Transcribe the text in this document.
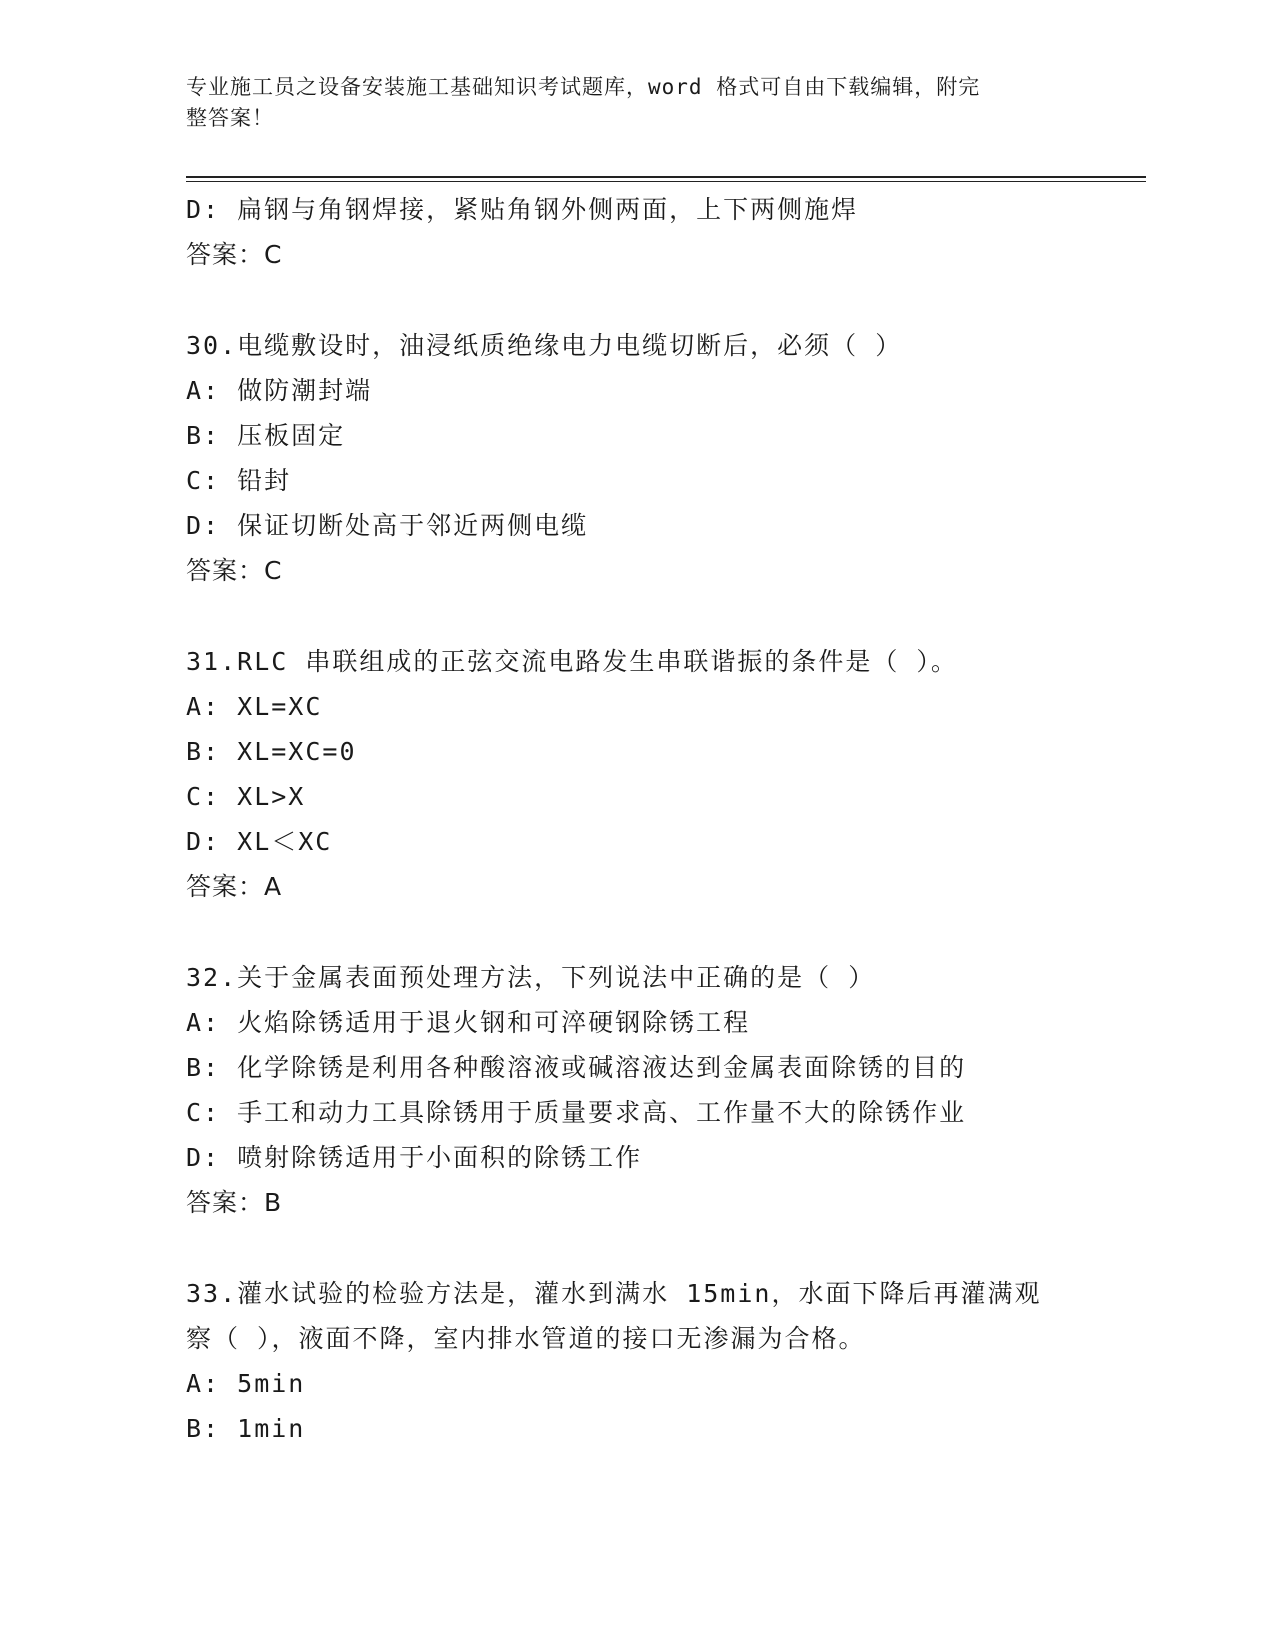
专业施工员之设备安装施工基础知识考试题库，word 格式可自由下载编辑，附完
整答案！
D: 扁钢与角钢焊接，紧贴角钢外侧两面，上下两侧施焊
答案：C
30.电缆敷设时，油浸纸质绝缘电力电缆切断后，必须（ ）
A: 做防潮封端
B: 压板固定
C: 铅封
D: 保证切断处高于邻近两侧电缆
答案：C
31.RLC 串联组成的正弦交流电路发生串联谐振的条件是（ ）。
A: XL=XC
B: XL=XC=0
C: XL>X
D: XL＜XC
答案：A
32.关于金属表面预处理方法，下列说法中正确的是（ ）
A: 火焰除锈适用于退火钢和可淬硬钢除锈工程
B: 化学除锈是利用各种酸溶液或碱溶液达到金属表面除锈的目的
C: 手工和动力工具除锈用于质量要求高、工作量不大的除锈作业
D: 喷射除锈适用于小面积的除锈工作
答案：B
33.灌水试验的检验方法是，灌水到满水 15min，水面下降后再灌满观
察（ ），液面不降，室内排水管道的接口无渗漏为合格。
A: 5min
B: 1min
